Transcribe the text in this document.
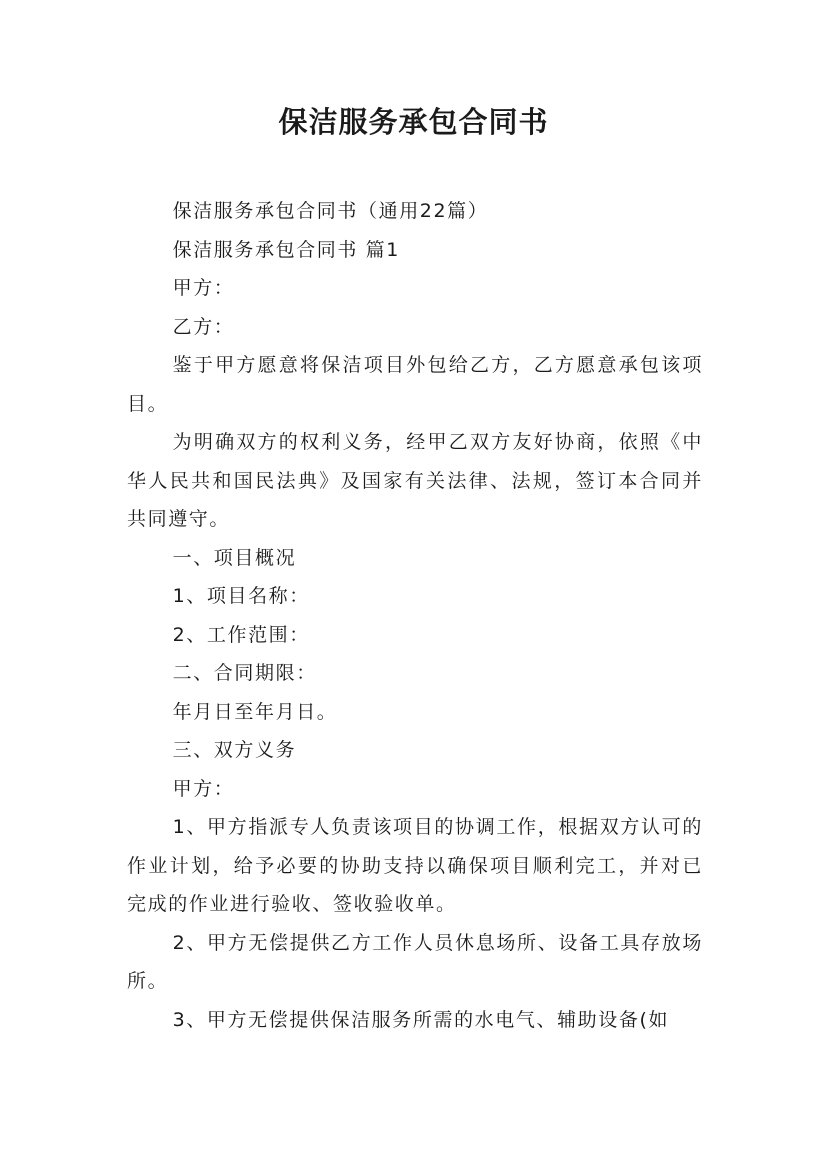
保洁服务承包合同书

保洁服务承包合同书（通用22篇）

保洁服务承包合同书 篇1

甲方：

乙方：

鉴于甲方愿意将保洁项目外包给乙方，乙方愿意承包该项目。

为明确双方的权利义务，经甲乙双方友好协商，依照《中华人民共和国民法典》及国家有关法律、法规，签订本合同并共同遵守。

一、项目概况

1、项目名称：

2、工作范围：

二、合同期限：

年月日至年月日。

三、双方义务

甲方：

1、甲方指派专人负责该项目的协调工作，根据双方认可的作业计划，给予必要的协助支持以确保项目顺利完工，并对已完成的作业进行验收、签收验收单。

2、甲方无偿提供乙方工作人员休息场所、设备工具存放场所。

3、甲方无偿提供保洁服务所需的水电气、辅助设备(如
